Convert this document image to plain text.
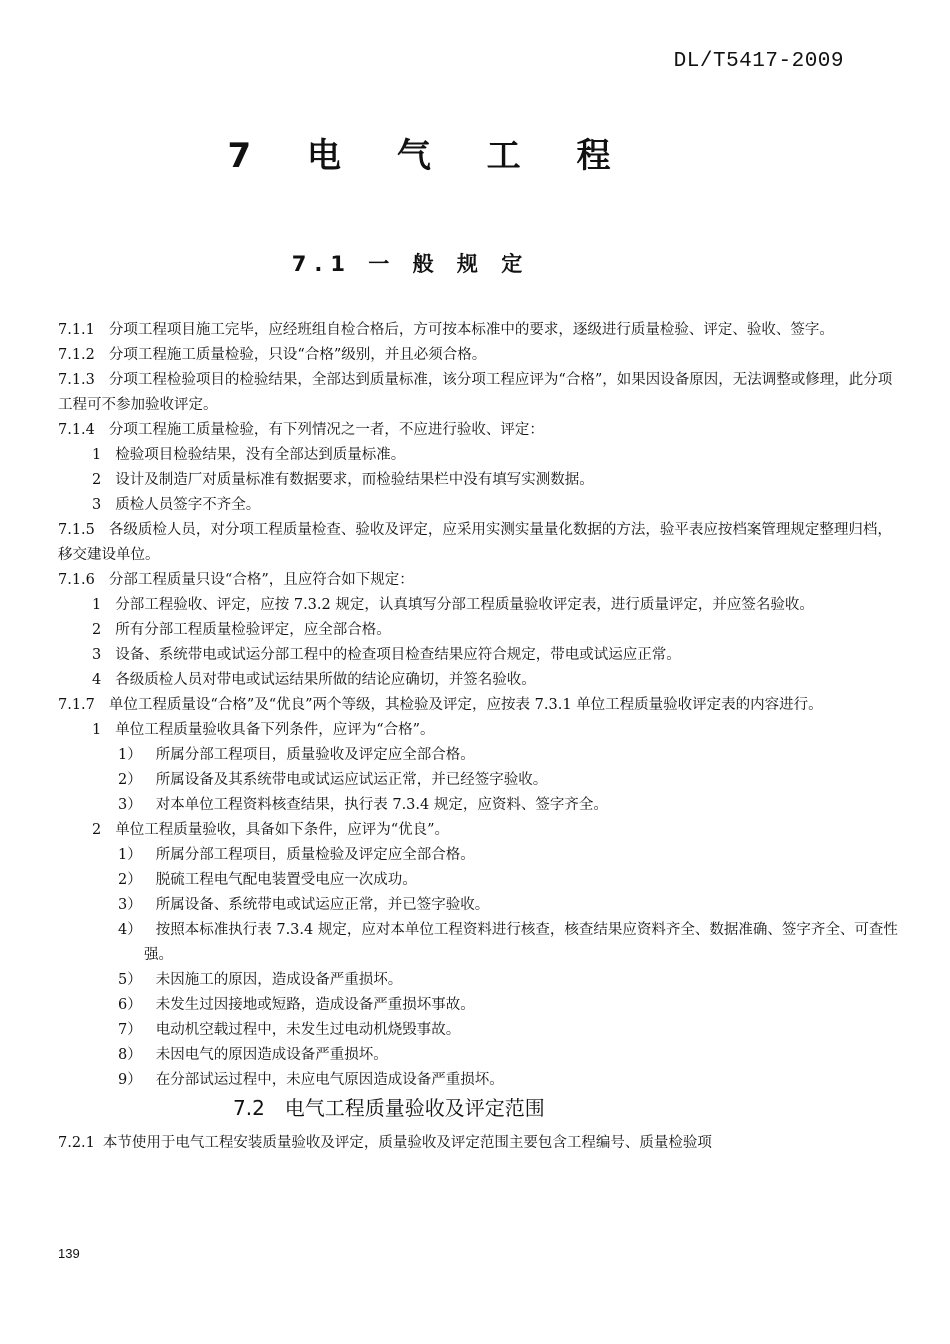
DL/T5417-2009
7 电 气 工 程
7.1 一 般 规 定

7.1.1 分项工程项目施工完毕，应经班组自检合格后，方可按本标准中的要求，逐级进行质量检验、评定、验收、签字。

7.1.2 分项工程施工质量检验，只设“合格”级别，并且必须合格。

7.1.3 分项工程检验项目的检验结果，全部达到质量标准，该分项工程应评为“合格”，如果因设备原因，无法调整或修理，此分项工程可不参加验收评定。

7.1.4 分项工程施工质量检验，有下列情况之一者，不应进行验收、评定：

1 检验项目检验结果，没有全部达到质量标准。

2 设计及制造厂对质量标准有数据要求，而检验结果栏中没有填写实测数据。

3 质检人员签字不齐全。

7.1.5 各级质检人员，对分项工程质量检查、验收及评定，应采用实测实量量化数据的方法，验平表应按档案管理规定整理归档，移交建设单位。

7.1.6 分部工程质量只设“合格”，且应符合如下规定：

1 分部工程验收、评定，应按 7.3.2 规定，认真填写分部工程质量验收评定表，进行质量评定，并应签名验收。

2 所有分部工程质量检验评定，应全部合格。

3 设备、系统带电或试运分部工程中的检查项目检查结果应符合规定，带电或试运应正常。

4 各级质检人员对带电或试运结果所做的结论应确切，并签名验收。

7.1.7 单位工程质量设“合格”及“优良”两个等级，其检验及评定，应按表 7.3.1 单位工程质量验收评定表的内容进行。

1 单位工程质量验收具备下列条件，应评为“合格”。

1） 所属分部工程项目，质量验收及评定应全部合格。

2） 所属设备及其系统带电或试运应试运正常，并已经签字验收。

3） 对本单位工程资料核查结果，执行表 7.3.4 规定，应资料、签字齐全。

2 单位工程质量验收，具备如下条件，应评为“优良”。

1） 所属分部工程项目，质量检验及评定应全部合格。

2） 脱硫工程电气配电装置受电应一次成功。

3） 所属设备、系统带电或试运应正常，并已签字验收。

4） 按照本标准执行表 7.3.4 规定，应对本单位工程资料进行核查，核查结果应资料齐全、数据准确、签字齐全、可查性强。

5） 未因施工的原因，造成设备严重损坏。

6） 未发生过因接地或短路，造成设备严重损坏事故。

7） 电动机空载过程中，未发生过电动机烧毁事故。

8） 未因电气的原因造成设备严重损坏。

9） 在分部试运过程中，未应电气原因造成设备严重损坏。

7.2　电气工程质量验收及评定范围

7.2.1 本节使用于电气工程安装质量验收及评定，质量验收及评定范围主要包含工程编号、质量检验项

139
